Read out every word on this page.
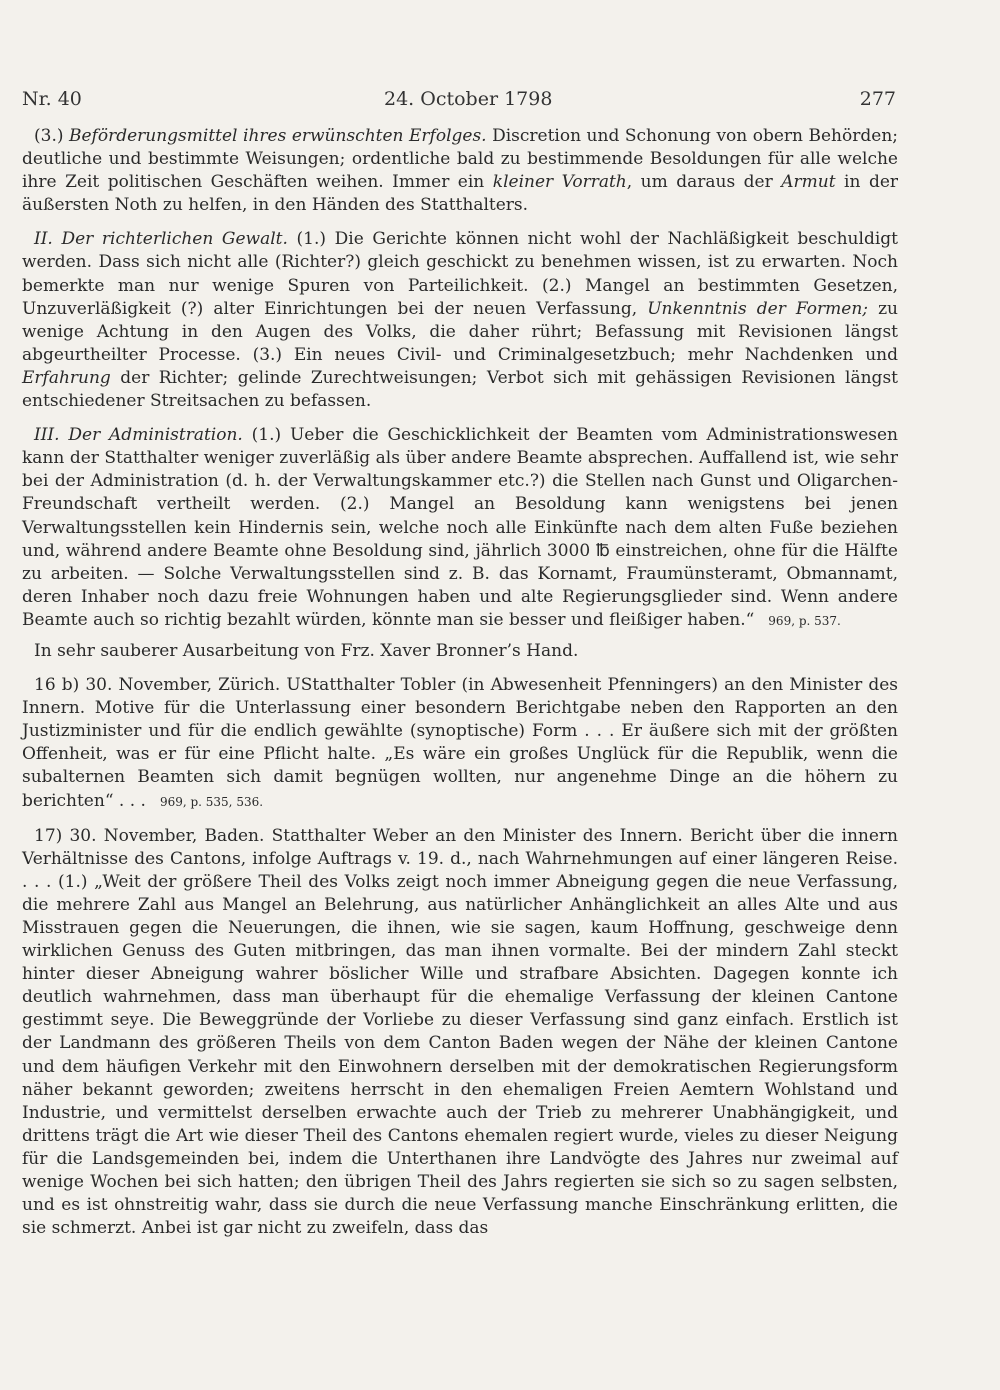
Nr. 40	24. October 1798	277

(3.) Beförderungsmittel ihres erwünschten Erfolges. Discretion und Schonung von obern Behörden; deutliche und bestimmte Weisungen; ordentliche bald zu bestimmende Besoldungen für alle welche ihre Zeit politischen Geschäften weihen. Immer ein kleiner Vorrath, um daraus der Armut in der äußersten Noth zu helfen, in den Händen des Statthalters.

II. Der richterlichen Gewalt. (1.) Die Gerichte können nicht wohl der Nachläßigkeit beschuldigt werden. Dass sich nicht alle (Richter?) gleich geschickt zu benehmen wissen, ist zu erwarten. Noch bemerkte man nur wenige Spuren von Parteilichkeit. (2.) Mangel an bestimmten Gesetzen, Unzuverläßigkeit (?) alter Einrichtungen bei der neuen Verfassung, Unkenntnis der Formen; zu wenige Achtung in den Augen des Volks, die daher rührt; Befassung mit Revisionen längst abgeurtheilter Processe. (3.) Ein neues Civil- und Criminalgesetzbuch; mehr Nachdenken und Erfahrung der Richter; gelinde Zurechtweisungen; Verbot sich mit gehässigen Revisionen längst entschiedener Streitsachen zu befassen.

III. Der Administration. (1.) Ueber die Geschicklichkeit der Beamten vom Administrationswesen kann der Statthalter weniger zuverläßig als über andere Beamte absprechen. Auffallend ist, wie sehr bei der Administration (d. h. der Verwaltungskammer etc.?) die Stellen nach Gunst und Oligarchen-Freundschaft vertheilt werden. (2.) Mangel an Besoldung kann wenigstens bei jenen Verwaltungsstellen kein Hindernis sein, welche noch alle Einkünfte nach dem alten Fuße beziehen und, während andere Beamte ohne Besoldung sind, jährlich 3000 ℔ einstreichen, ohne für die Hälfte zu arbeiten. — Solche Verwaltungsstellen sind z. B. das Kornamt, Fraumünsteramt, Obmannamt, deren Inhaber noch dazu freie Wohnungen haben und alte Regierungsglieder sind. Wenn andere Beamte auch so richtig bezahlt würden, könnte man sie besser und fleißiger haben.“ 969, p. 537.

In sehr sauberer Ausarbeitung von Frz. Xaver Bronner’s Hand.

16 b) 30. November, Zürich. UStatthalter Tobler (in Abwesenheit Pfenningers) an den Minister des Innern. Motive für die Unterlassung einer besondern Berichtgabe neben den Rapporten an den Justizminister und für die endlich gewählte (synoptische) Form . . . Er äußere sich mit der größten Offenheit, was er für eine Pflicht halte. „Es wäre ein großes Unglück für die Republik, wenn die subalternen Beamten sich damit begnügen wollten, nur angenehme Dinge an die höhern zu berichten“ . . . 969, p. 535, 536.

17) 30. November, Baden. Statthalter Weber an den Minister des Innern. Bericht über die innern Verhältnisse des Cantons, infolge Auftrags v. 19. d., nach Wahrnehmungen auf einer längeren Reise. . . . (1.) „Weit der größere Theil des Volks zeigt noch immer Abneigung gegen die neue Verfassung, die mehrere Zahl aus Mangel an Belehrung, aus natürlicher Anhänglichkeit an alles Alte und aus Misstrauen gegen die Neuerungen, die ihnen, wie sie sagen, kaum Hoffnung, geschweige denn wirklichen Genuss des Guten mitbringen, das man ihnen vormalte. Bei der mindern Zahl steckt hinter dieser Abneigung wahrer böslicher Wille und strafbare Absichten. Dagegen konnte ich deutlich wahrnehmen, dass man überhaupt für die ehemalige Verfassung der kleinen Cantone gestimmt seye. Die Beweggründe der Vorliebe zu dieser Verfassung sind ganz einfach. Erstlich ist der Landmann des größeren Theils von dem Canton Baden wegen der Nähe der kleinen Cantone und dem häufigen Verkehr mit den Einwohnern derselben mit der demokratischen Regierungsform näher bekannt geworden; zweitens herrscht in den ehemaligen Freien Aemtern Wohlstand und Industrie, und vermittelst derselben erwachte auch der Trieb zu mehrerer Unabhängigkeit, und drittens trägt die Art wie dieser Theil des Cantons ehemalen regiert wurde, vieles zu dieser Neigung für die Landsgemeinden bei, indem die Unterthanen ihre Landvögte des Jahres nur zweimal auf wenige Wochen bei sich hatten; den übrigen Theil des Jahrs regierten sie sich so zu sagen selbsten, und es ist ohnstreitig wahr, dass sie durch die neue Verfassung manche Einschränkung erlitten, die sie schmerzt. Anbei ist gar nicht zu zweifeln, dass das
